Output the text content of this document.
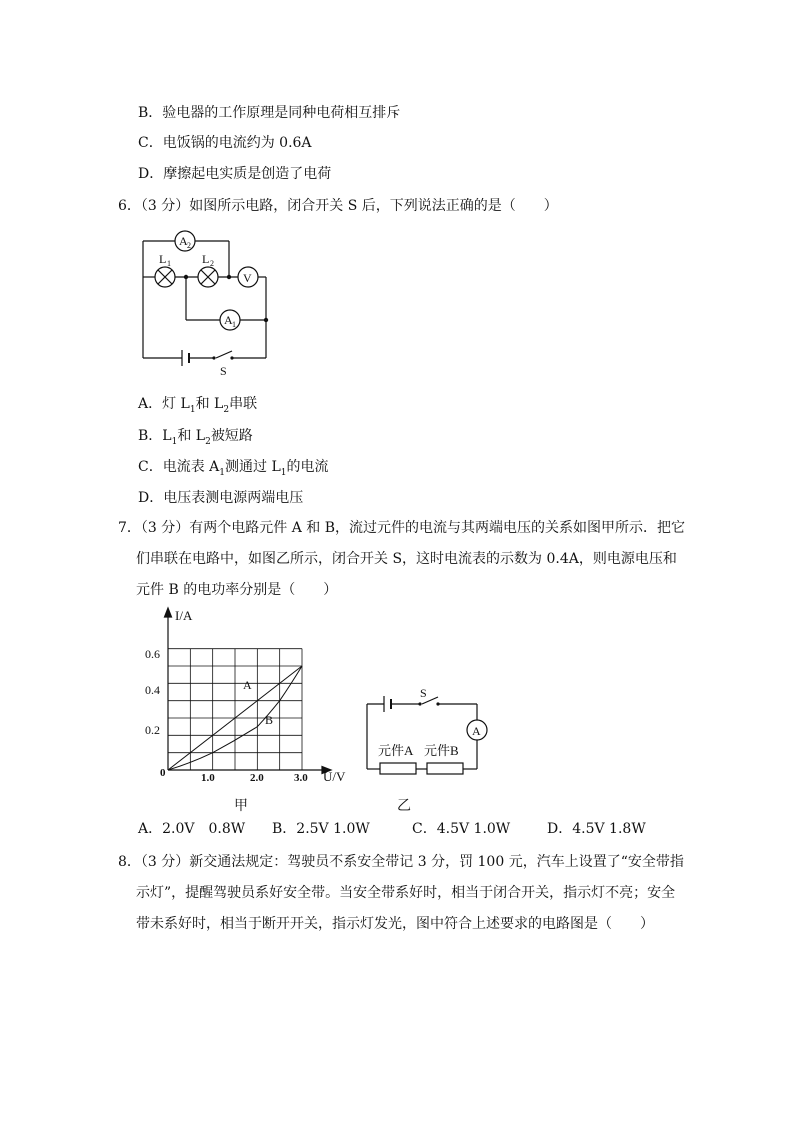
B．验电器的工作原理是同种电荷相互排斥
C．电饭锅的电流约为 0.6A
D．摩擦起电实质是创造了电荷
6．（3 分）如图所示电路，闭合开关 S 后，下列说法正确的是（　　）
A 2
L 1	L 2
V
A 1
S
A．灯 $L_1$和 $L_2$串联
B．$L_1$和 $L_2$被短路
C．电流表 $A_1$测通过 $L_1$的电流
D．电压表测电源两端电压
7．（3 分）有两个电路元件 A 和 B，流过元件的电流与其两端电压的关系如图甲所示．把它
们串联在电路中，如图乙所示，闭合开关 S，这时电流表的示数为 0.4A，则电源电压和
元件 B 的电功率分别是（　　）
I/A
U/V
0
0.2
0.4
0.6
1.0	2.0	3.0
A
B
甲
S
A
元件A 元件B
乙
A．2.0V　0.8W B．2.5V 1.0W	C．4.5V 1.0W	D．4.5V 1.8W
8．（3 分）新交通法规定：驾驶员不系安全带记 3 分，罚 100 元，汽车上设置了“安全带指
示灯”，提醒驾驶员系好安全带。当安全带系好时，相当于闭合开关，指示灯不亮；安全
带未系好时，相当于断开开关，指示灯发光，图中符合上述要求的电路图是（　　）
